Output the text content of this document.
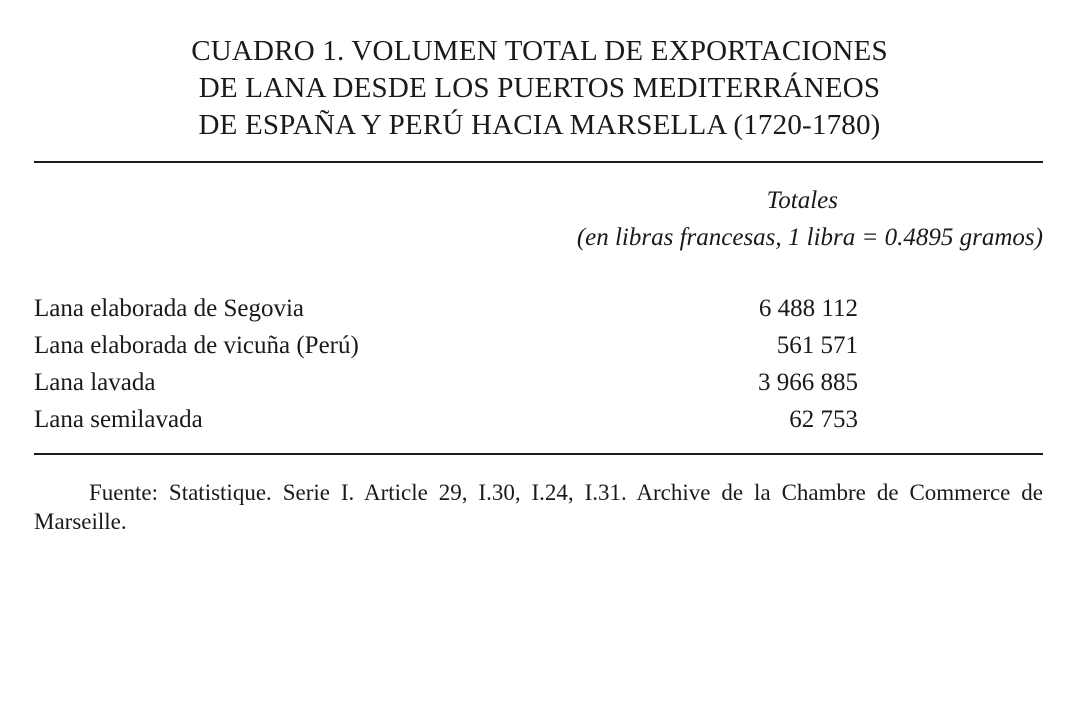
CUADRO 1. VOLUMEN TOTAL DE EXPORTACIONES
DE LANA DESDE LOS PUERTOS MEDITERRÁNEOS
DE ESPAÑA Y PERÚ HACIA MARSELLA (1720-1780)
Totales
(en libras francesas, 1 libra = 0.4895 gramos)
Lana elaborada de Segovia	6 488 112
Lana elaborada de vicuña (Perú)	561 571
Lana lavada	3 966 885
Lana semilavada	62 753
Fuente: Statistique. Serie I. Article 29, I.30, I.24, I.31. Archive de la Chambre de Commerce de Marseille.
